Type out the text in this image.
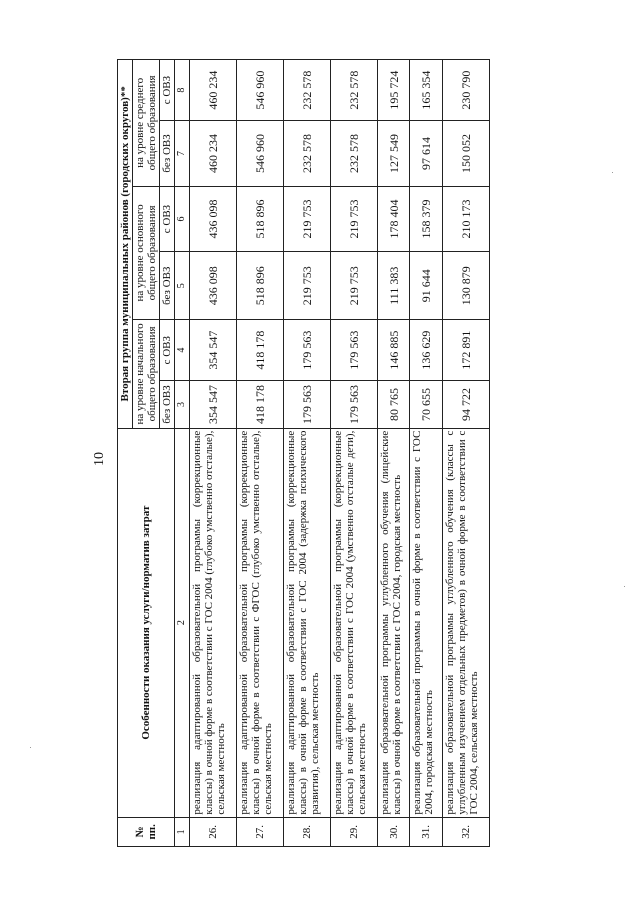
10
№ пп.	Особенности оказания услуги/норматив затрат	Вторая группа муниципальных районов (городских округов)**					
		на уровне начального общего образования		на уровне основного общего образования		на уровне среднего общего образования	
		без ОВЗ	с ОВЗ	без ОВЗ	с ОВЗ	без ОВЗ	с ОВЗ
1	2	3	4	5	6	7	8
26.	реализация адаптированной образовательной программы (коррекционные классы) в очной форме в соответствии с ГОС 2004 (глубоко умственно отсталые), сельская местность	354 547	354 547	436 098	436 098	460 234	460 234
27.	реализация адаптированной образовательной программы (коррекционные классы) в очной форме в соответствии с ФГОС (глубоко умственно отсталые), сельская местность	418 178	418 178	518 896	518 896	546 960	546 960
28.	реализация адаптированной образовательной программы (коррекционные классы) в очной форме в соответствии с ГОС 2004 (задержка психического развития), сельская местность	179 563	179 563	219 753	219 753	232 578	232 578
29.	реализация адаптированной образовательной программы (коррекционные классы) в очной форме в соответствии с ГОС 2004 (умственно отсталые дети), сельская местность	179 563	179 563	219 753	219 753	232 578	232 578
30.	реализация образовательной программы углубленного обучения (лицейские классы) в очной форме в соответствии с ГОС 2004, городская местность	80 765	146 885	111 383	178 404	127 549	195 724
31.	реализация образовательной программы в очной форме в соответствии с ГОС 2004, городская местность	70 655	136 629	91 644	158 379	97 614	165 354
32.	реализация образовательной программы углубленного обучения (классы с углубленным изучением отдельных предметов) в очной форме в соответствии с ГОС 2004, сельская местность	94 722	172 891	130 879	210 173	150 052	230 790
